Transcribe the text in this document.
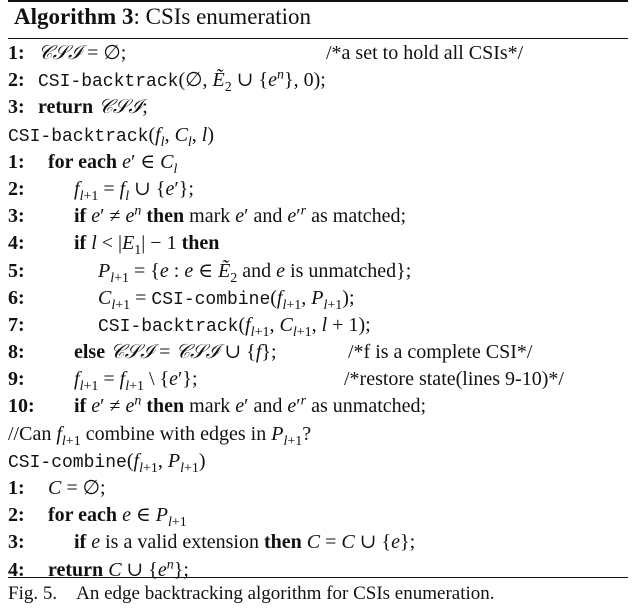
Algorithm 3: CSIs enumeration
1: 𝒞𝒮ℐ = ∅;	/*a set to hold all CSIs*/
2: CSI-backtrack(∅, Ẽ$_2$ ∪ $\{e^n\}$, 0);
3: return 𝒞𝒮ℐ;
CSI-$backtrack(f_l$, $C_l$, l)
1: for each e′ ∈ $C_l$
2: $f_{l+1} = f_l$ ∪ {e′};
3: if $e' \ne e^n$ then mark e′ and $e'^r$ as matched;
4: if $l < |E_1| - 1$ then
5:	$P_{l+1} = \{e$ : e ∈ Ẽ$_2$ and e is unmatched};
6:	$C_{l+1}$ = CSI-$combine(f_{l+1}$, $P_{l+1}$);
7:	CSI-$backtrack(f_{l+1}$, $C_{l+1}$, l + 1);
8: else 𝒞𝒮ℐ = 𝒞𝒮ℐ ∪ {f};	/*f is a complete CSI*/
9: $f_{l+1} = f_{l+1}$ \ {e′};	/*restore state(lines 9-10)*/
10: if $e' \ne e^n$ then mark e′ and $e'^r$ as unmatched;
//Can $f_{l+1}$ combine with edges in $P_{l+1}$?
CSI-$combine(f_{l+1}$, $P_{l+1}$)
1: C = ∅;
2: for each e ∈ $P_{l+1}$
3: if e is a valid extension then C = C ∪ {e};
4: return C ∪ $\{e^n\}$;
Fig. 5. An edge backtracking algorithm for CSIs enumeration.
